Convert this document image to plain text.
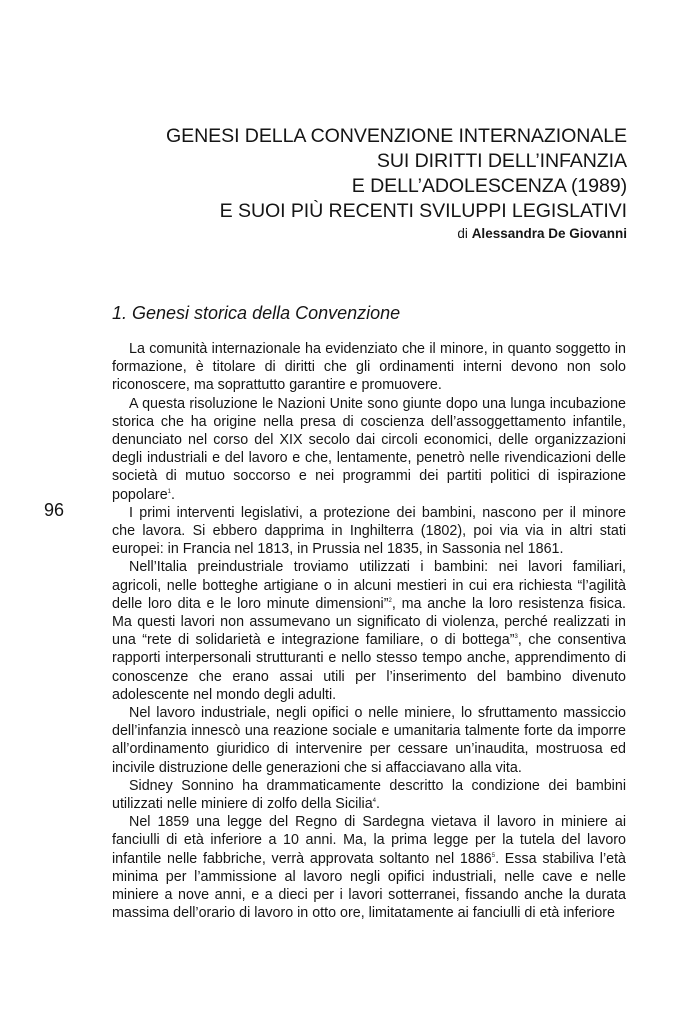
GENESI DELLA CONVENZIONE INTERNAZIONALE
SUI DIRITTI DELL’INFANZIA
E DELL’ADOLESCENZA (1989)
E SUOI PIÙ RECENTI SVILUPPI LEGISLATIVI
di Alessandra De Giovanni
1. Genesi storica della Convenzione
96

La comunità internazionale ha evidenziato che il minore, in quanto soggetto in formazione, è titolare di diritti che gli ordinamenti interni devono non solo riconoscere, ma soprattutto garantire e promuovere.

A questa risoluzione le Nazioni Unite sono giunte dopo una lunga incubazione storica che ha origine nella presa di coscienza dell’assoggettamento infantile, denunciato nel corso del XIX secolo dai circoli economici, delle organizzazioni degli industriali e del lavoro e che, lentamente, penetrò nelle rivendicazioni delle società di mutuo soccorso e nei programmi dei partiti politici di ispirazione popolare$^1$.

I primi interventi legislativi, a protezione dei bambini, nascono per il minore che lavora. Si ebbero dapprima in Inghilterra (1802), poi via via in altri stati europei: in Francia nel 1813, in Prussia nel 1835, in Sassonia nel 1861.

Nell’Italia preindustriale troviamo utilizzati i bambini: nei lavori familiari, agricoli, nelle botteghe artigiane o in alcuni mestieri in cui era richiesta “l’agilità delle loro dita e le loro minute dimensioni”$^2$, ma anche la loro resistenza fisica. Ma questi lavori non assumevano un significato di violenza, perché realizzati in una “rete di solidarietà e integrazione familiare, o di bottega”$^3$, che consentiva rapporti interpersonali strutturanti e nello stesso tempo anche, apprendimento di conoscenze che erano assai utili per l’inserimento del bambino divenuto adolescente nel mondo degli adulti.

Nel lavoro industriale, negli opifici o nelle miniere, lo sfruttamento massiccio dell’infanzia innescò una reazione sociale e umanitaria talmente forte da imporre all’ordinamento giuridico di intervenire per cessare un’inaudita, mostruosa ed incivile distruzione delle generazioni che si affacciavano alla vita.

Sidney Sonnino ha drammaticamente descritto la condizione dei bambini utilizzati nelle miniere di zolfo della Sicilia$^4$.

Nel 1859 una legge del Regno di Sardegna vietava il lavoro in miniere ai fanciulli di età inferiore a 10 anni. Ma, la prima legge per la tutela del lavoro infantile nelle fabbriche, verrà approvata soltanto nel 1886$^5$. Essa stabiliva l’età minima per l’ammissione al lavoro negli opifici industriali, nelle cave e nelle miniere a nove anni, e a dieci per i lavori sotterranei, fissando anche la durata massima dell’orario di lavoro in otto ore, limitatamente ai fanciulli di età inferiore
